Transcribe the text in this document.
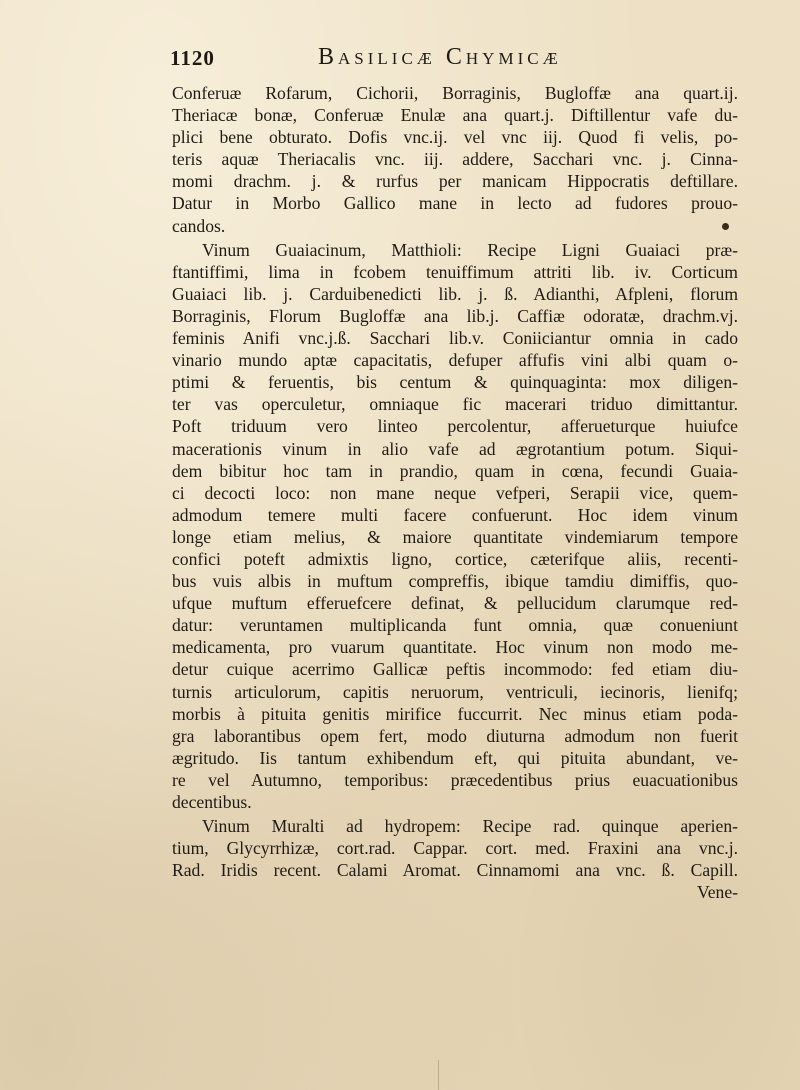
1120	Basilicæ Chymicæ
Conferuæ Rofarum, Cichorii, Borraginis, Bugloffæ ana quart.ij.
Theriacæ bonæ, Conferuæ Enulæ ana quart.j. Diftillentur vafe du-
plici bene obturato. Dofis vnc.ij. vel vnc iij. Quod fi velis, po-
teris aquæ Theriacalis vnc. iij. addere, Sacchari vnc. j. Cinna-
momi drachm. j. & rurfus per manicam Hippocratis deftillare.
Datur in Morbo Gallico mane in lecto ad fudores prouo-
candos.
Vinum Guaiacinum, Matthioli: Recipe Ligni Guaiaci præ-
ftantiffimi, lima in fcobem tenuiffimum attriti lib. iv. Corticum
Guaiaci lib. j. Carduibenedicti lib. j. ß. Adianthi, Afpleni, florum
Borraginis, Florum Bugloffæ ana lib.j. Caffiæ odoratæ, drachm.vj.
feminis Anifi vnc.j.ß. Sacchari lib.v. Coniiciantur omnia in cado
vinario mundo aptæ capacitatis, defuper affufis vini albi quam o-
ptimi & feruentis, bis centum & quinquaginta: mox diligen-
ter vas operculetur, omniaque fic macerari triduo dimittantur.
Poft triduum vero linteo percolentur, afferueturque huiufce
macerationis vinum in alio vafe ad ægrotantium potum. Siqui-
dem bibitur hoc tam in prandio, quam in cœna, fecundi Guaia-
ci decocti loco: non mane neque vefperi, Serapii vice, quem-
admodum temere multi facere confuerunt. Hoc idem vinum
longe etiam melius, & maiore quantitate vindemiarum tempore
confici poteft admixtis ligno, cortice, cæterifque aliis, recenti-
bus vuis albis in muftum compreffis, ibique tamdiu dimiffis, quo-
ufque muftum efferuefcere definat, & pellucidum clarumque red-
datur: veruntamen multiplicanda funt omnia, quæ conueniunt
medicamenta, pro vuarum quantitate. Hoc vinum non modo me-
detur cuique acerrimo Gallicæ peftis incommodo: fed etiam diu-
turnis articulorum, capitis neruorum, ventriculi, iecinoris, lienifq;
morbis à pituita genitis mirifice fuccurrit. Nec minus etiam poda-
gra laborantibus opem fert, modo diuturna admodum non fuerit
ægritudo. Iis tantum exhibendum eft, qui pituita abundant, ve-
re vel Autumno, temporibus: præcedentibus prius euacuationibus
decentibus.
Vinum Muralti ad hydropem: Recipe rad. quinque aperien-
tium, Glycyrrhizæ, cort.rad. Cappar. cort. med. Fraxini ana vnc.j.
Rad. Iridis recent. Calami Aromat. Cinnamomi ana vnc. ß. Capill.
Vene-
